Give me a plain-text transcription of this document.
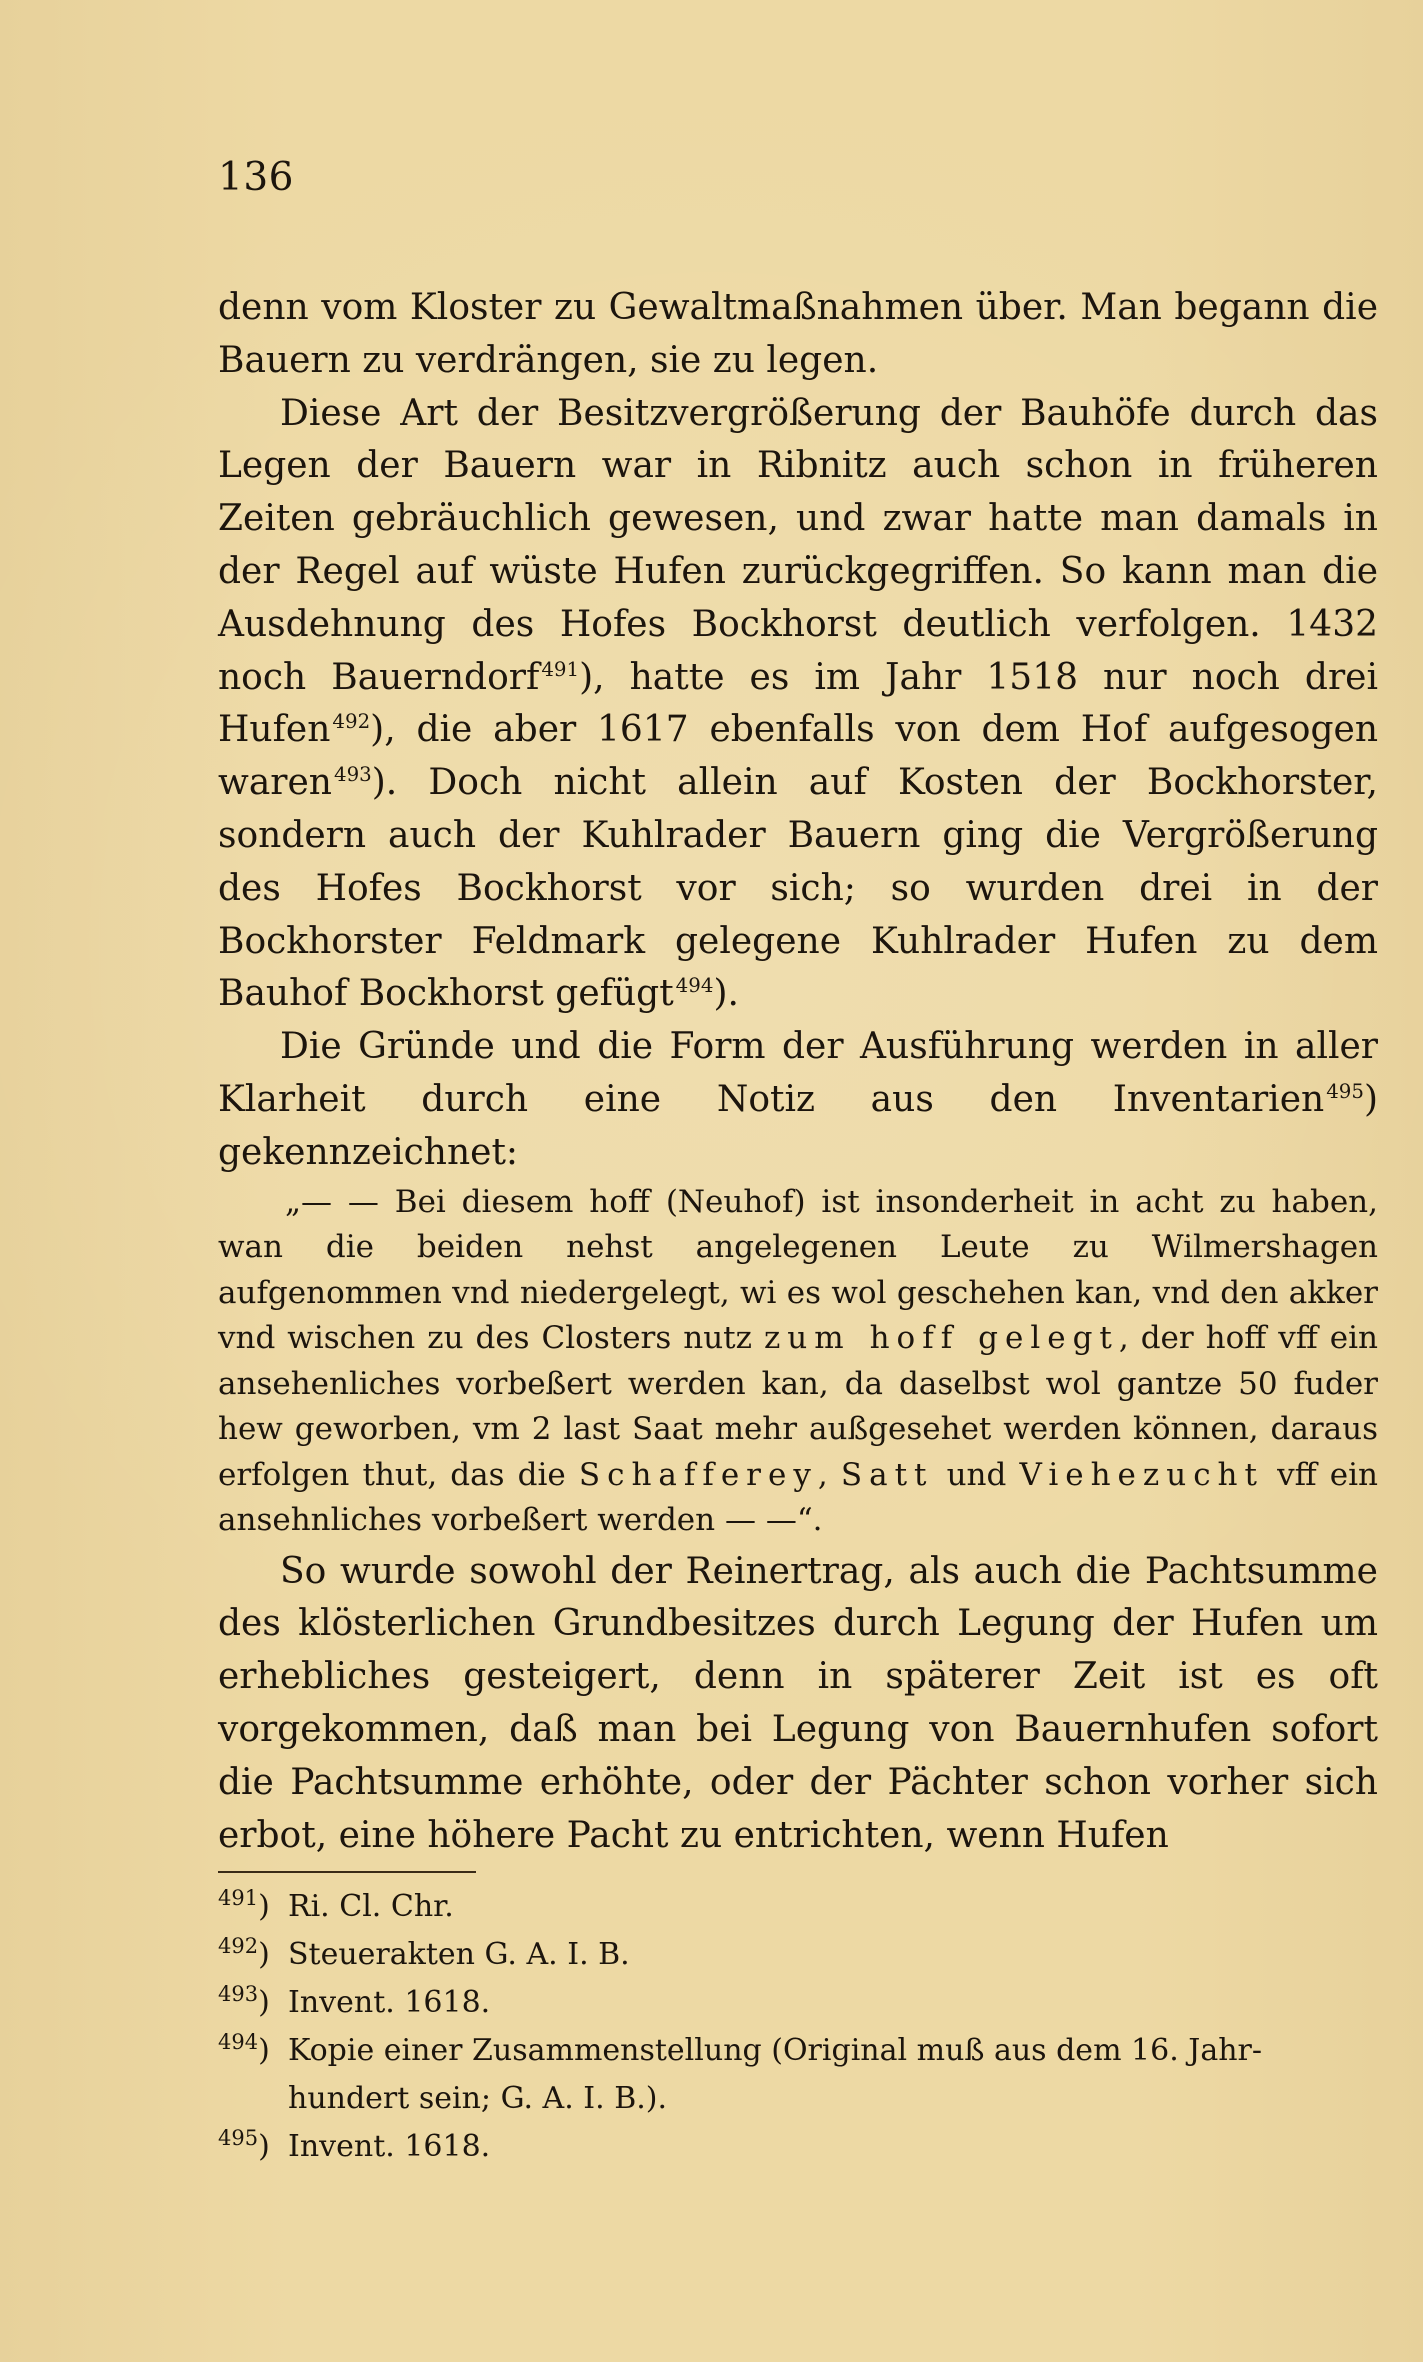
136

denn vom Kloster zu Gewaltmaßnahmen über. Man begann die Bauern zu verdrängen, sie zu legen.

Diese Art der Besitzvergrößerung der Bauhöfe durch das Legen der Bauern war in Ribnitz auch schon in früheren Zeiten gebräuchlich gewesen, und zwar hatte man damals in der Regel auf wüste Hufen zurückgegriffen. So kann man die Ausdehnung des Hofes Bockhorst deutlich verfolgen. 1432 noch Bauerndorf $^{491}$), hatte es im Jahr 1518 nur noch drei Hufen $^{492}$), die aber 1617 ebenfalls von dem Hof aufgesogen waren $^{493}$). Doch nicht allein auf Kosten der Bockhorster, sondern auch der Kuhlrader Bauern ging die Vergrößerung des Hofes Bockhorst vor sich; so wurden drei in der Bockhorster Feldmark gelegene Kuhlrader Hufen zu dem Bauhof Bockhorst gefügt $^{494}$).

Die Gründe und die Form der Ausführung werden in aller Klarheit durch eine Notiz aus den Inventarien $^{495}$) gekennzeichnet:

„— — Bei diesem hoff (Neuhof) ist insonderheit in acht zu haben, wan die beiden nehst angelegenen Leute zu Wilmershagen aufgenommen vnd niedergelegt, wi es wol geschehen kan, vnd den akker vnd wischen zu des Closters nutz zum hoff gelegt, der hoff vff ein ansehenliches vorbeßert werden kan, da daselbst wol gantze 50 fuder hew geworben, vm 2 last Saat mehr außgesehet werden können, daraus erfolgen thut, das die Schafferey, Satt und Viehezucht vff ein ansehnliches vorbeßert werden — —“.

So wurde sowohl der Reinertrag, als auch die Pachtsumme des klösterlichen Grundbesitzes durch Legung der Hufen um erhebliches gesteigert, denn in späterer Zeit ist es oft vorgekommen, daß man bei Legung von Bauernhufen sofort die Pachtsumme erhöhte, oder der Pächter schon vorher sich erbot, eine höhere Pacht zu entrichten, wenn Hufen

$^{491}$) Ri. Cl. Chr.
$^{492}$) Steuerakten G. A. I. B.
$^{493}$) Invent. 1618.
$^{494}$) Kopie einer Zusammenstellung (Original muß aus dem 16. Jahr-
hundert sein; G. A. I. B.).
$^{495}$) Invent. 1618.
